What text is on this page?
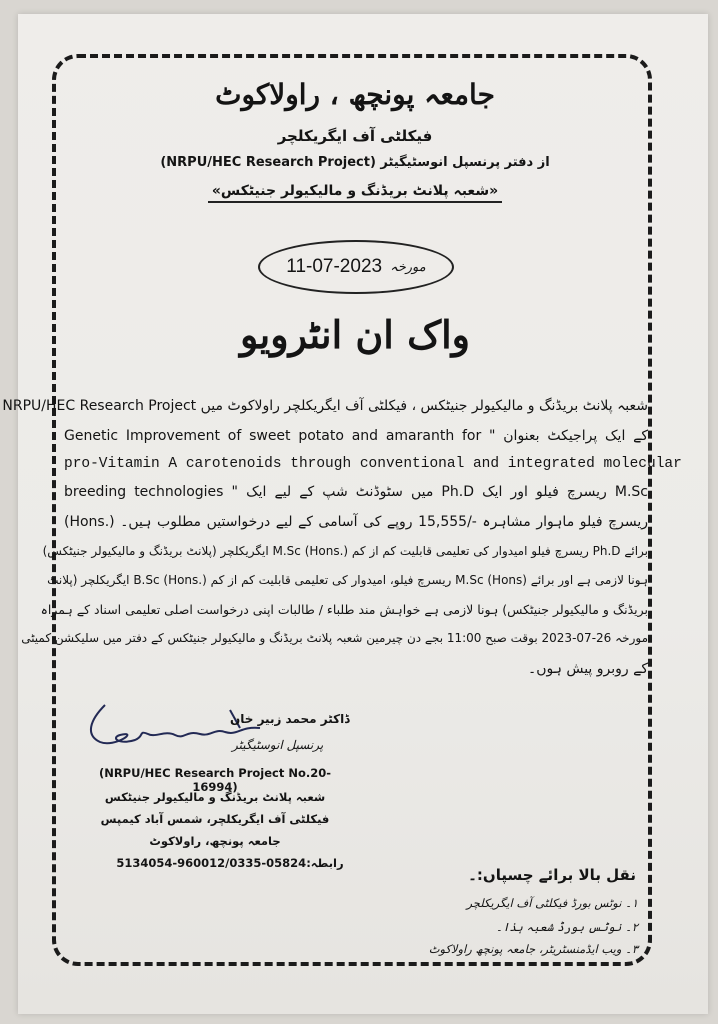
جامعہ پونچھ ، راولاکوٹ
فیکلٹی آف ایگریکلچر
از دفتر پرنسپل انوسٹیگیٹر (NRPU/HEC Research Project)
«شعبہ پلانٹ بریڈنگ و مالیکیولر جنیٹکس»
11-07-2023 مورخہ
واک ان انٹرویو
شعبہ پلانٹ بریڈنگ و مالیکیولر جنیٹکس ، فیکلٹی آف ایگریکلچر راولاکوٹ میں NRPU/HEC Research Project
کے ایک پراجیکٹ بعنوان " Genetic Improvement of sweet potato and amaranth for
pro-Vitamin A carotenoids through conventional and integrated molecular
breeding technologies " میں سٹوڈنٹ شپ کے لیے ایک Ph.D ریسرچ فیلو اور ایک M.Sc
(Hons.) ریسرچ فیلو ماہوار مشاہرہ -/15,555 روپے کی آسامی کے لیے درخواستیں مطلوب ہیں۔
برائے Ph.D ریسرچ فیلو امیدوار کی تعلیمی قابلیت کم از کم M.Sc (Hons.) ایگریکلچر (پلانٹ بریڈنگ و مالیکیولر جنیٹکس)
ہونا لازمی ہے اور برائے M.Sc (Hons) ریسرچ فیلو، امیدوار کی تعلیمی قابلیت کم از کم B.Sc (Hons.) ایگریکلچر (پلانٹ
بریڈنگ و مالیکیولر جنیٹکس) ہونا لازمی ہے خواہش مند طلباء / طالبات اپنی درخواست اصلی تعلیمی اسناد کے ہمراہ
مورخہ 26-07-2023 بوقت صبح 11:00 بجے دن چیرمین شعبہ پلانٹ بریڈنگ و مالیکیولر جنیٹکس کے دفتر میں سلیکشن کمیٹی
کے روبرو پیش ہوں۔
ڈاکٹر محمد زبیر خان
پرنسپل انوسٹیگیٹر
(NRPU/HEC Research Project No.20-16994)
شعبہ پلانٹ بریڈنگ و مالیکیولر جنیٹکس
فیکلٹی آف ایگریکلچر، شمس آباد کیمپس
جامعہ پونچھ، راولاکوٹ
رابطہ:05824-960012/0335-5134054
نقل بالا برائے چسپاں:۔
۱۔ نوٹس بورڈ فیکلٹی آف ایگریکلچر
۲۔ نوٹس بورڈ شعبہ ہذا۔
۳۔ ویب ایڈمنسٹریٹر، جامعہ پونچھ راولاکوٹ
